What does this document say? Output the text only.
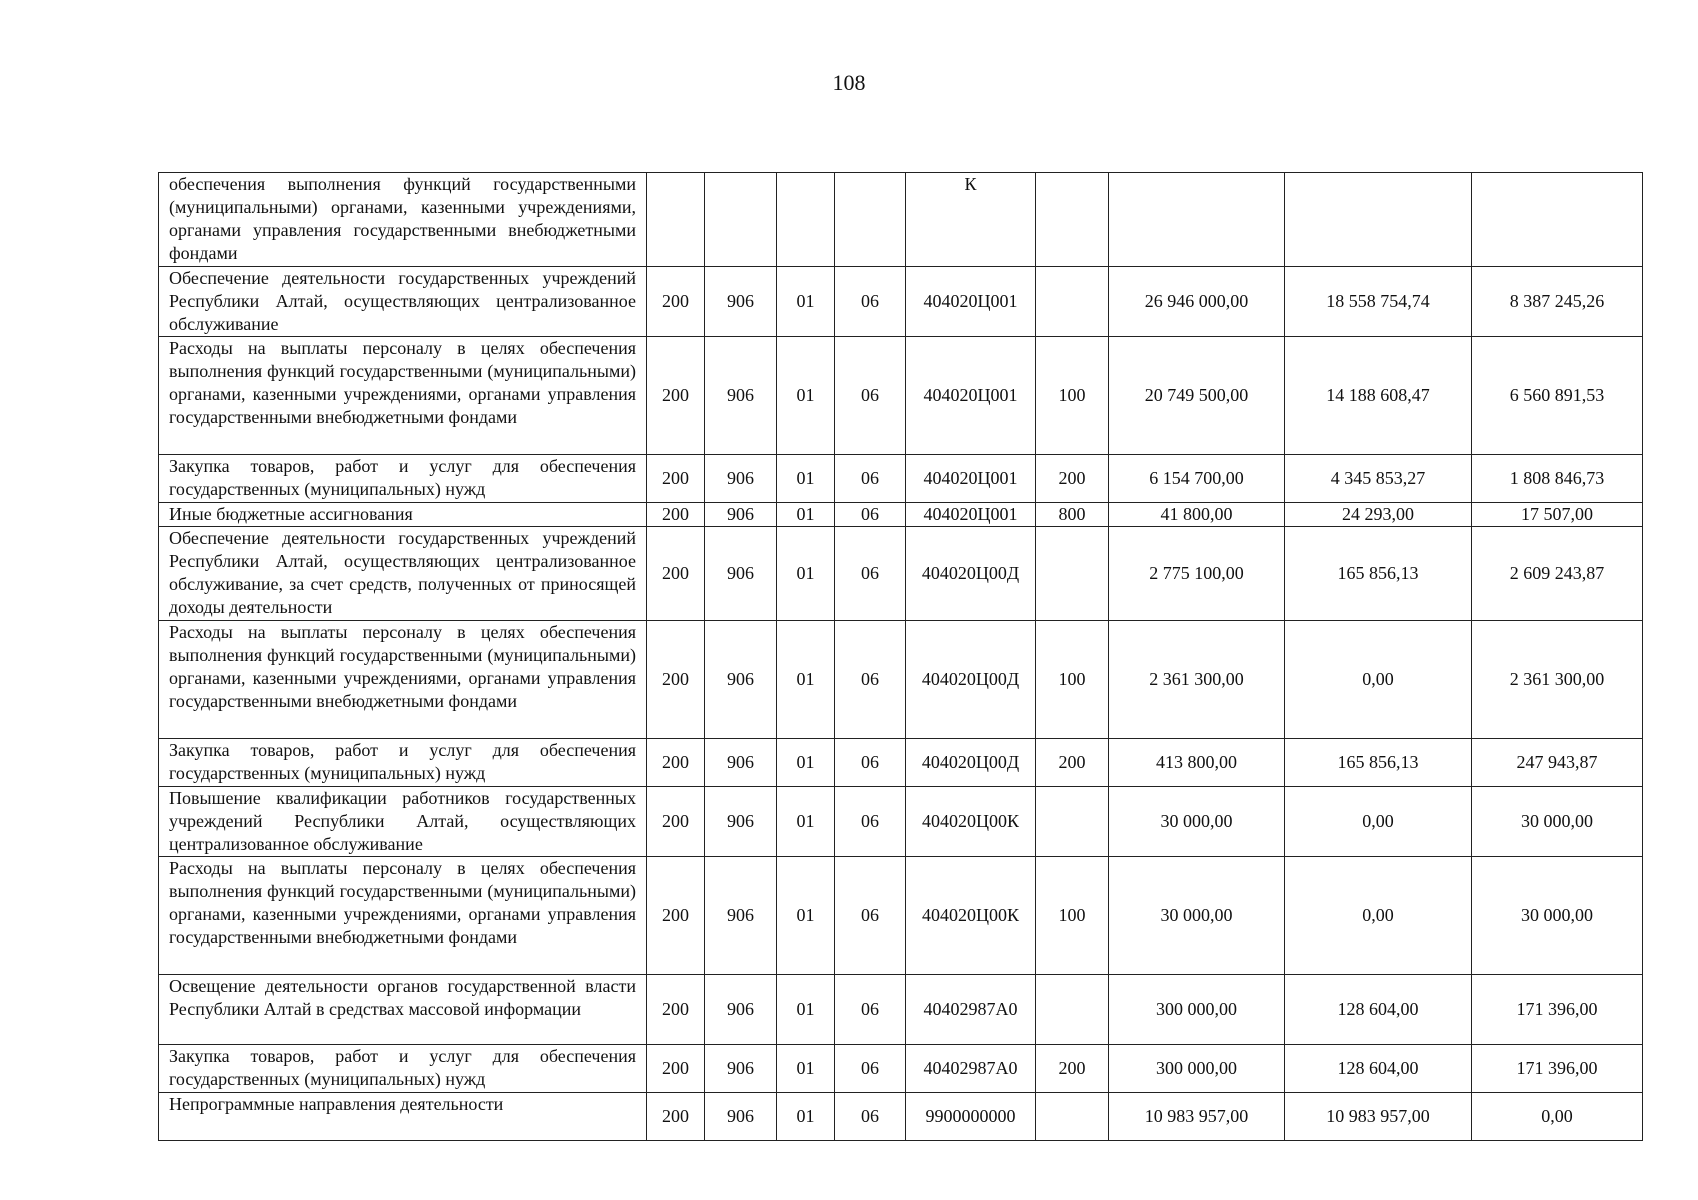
108
обеспечения выполнения функций государственными (муниципальными) органами, казенными учреждениями, органами управления государственными внебюджетными фондами					К				
Обеспечение деятельности государственных учреждений Республики Алтай, осуществляющих централизованное обслуживание	200	906	01	06	404020Ц001		26 946 000,00	18 558 754,74	8 387 245,26
Расходы на выплаты персоналу в целях обеспечения выполнения функций государственными (муниципальными) органами, казенными учреждениями, органами управления государственными внебюджетными фондами	200	906	01	06	404020Ц001	100	20 749 500,00	14 188 608,47	6 560 891,53
Закупка товаров, работ и услуг для обеспечения государственных (муниципальных) нужд	200	906	01	06	404020Ц001	200	6 154 700,00	4 345 853,27	1 808 846,73
Иные бюджетные ассигнования	200	906	01	06	404020Ц001	800	41 800,00	24 293,00	17 507,00
Обеспечение деятельности государственных учреждений Республики Алтай, осуществляющих централизованное обслуживание, за счет средств, полученных от приносящей доходы деятельности	200	906	01	06	404020Ц00Д		2 775 100,00	165 856,13	2 609 243,87
Расходы на выплаты персоналу в целях обеспечения выполнения функций государственными (муниципальными) органами, казенными учреждениями, органами управления государственными внебюджетными фондами	200	906	01	06	404020Ц00Д	100	2 361 300,00	0,00	2 361 300,00
Закупка товаров, работ и услуг для обеспечения государственных (муниципальных) нужд	200	906	01	06	404020Ц00Д	200	413 800,00	165 856,13	247 943,87
Повышение квалификации работников государственных учреждений Республики Алтай, осуществляющих централизованное обслуживание	200	906	01	06	404020Ц00К		30 000,00	0,00	30 000,00
Расходы на выплаты персоналу в целях обеспечения выполнения функций государственными (муниципальными) органами, казенными учреждениями, органами управления государственными внебюджетными фондами	200	906	01	06	404020Ц00К	100	30 000,00	0,00	30 000,00
Освещение деятельности органов государственной власти Республики Алтай в средствах массовой информации	200	906	01	06	40402987А0		300 000,00	128 604,00	171 396,00
Закупка товаров, работ и услуг для обеспечения государственных (муниципальных) нужд	200	906	01	06	40402987А0	200	300 000,00	128 604,00	171 396,00
Непрограммные направления деятельности	200	906	01	06	9900000000		10 983 957,00	10 983 957,00	0,00
